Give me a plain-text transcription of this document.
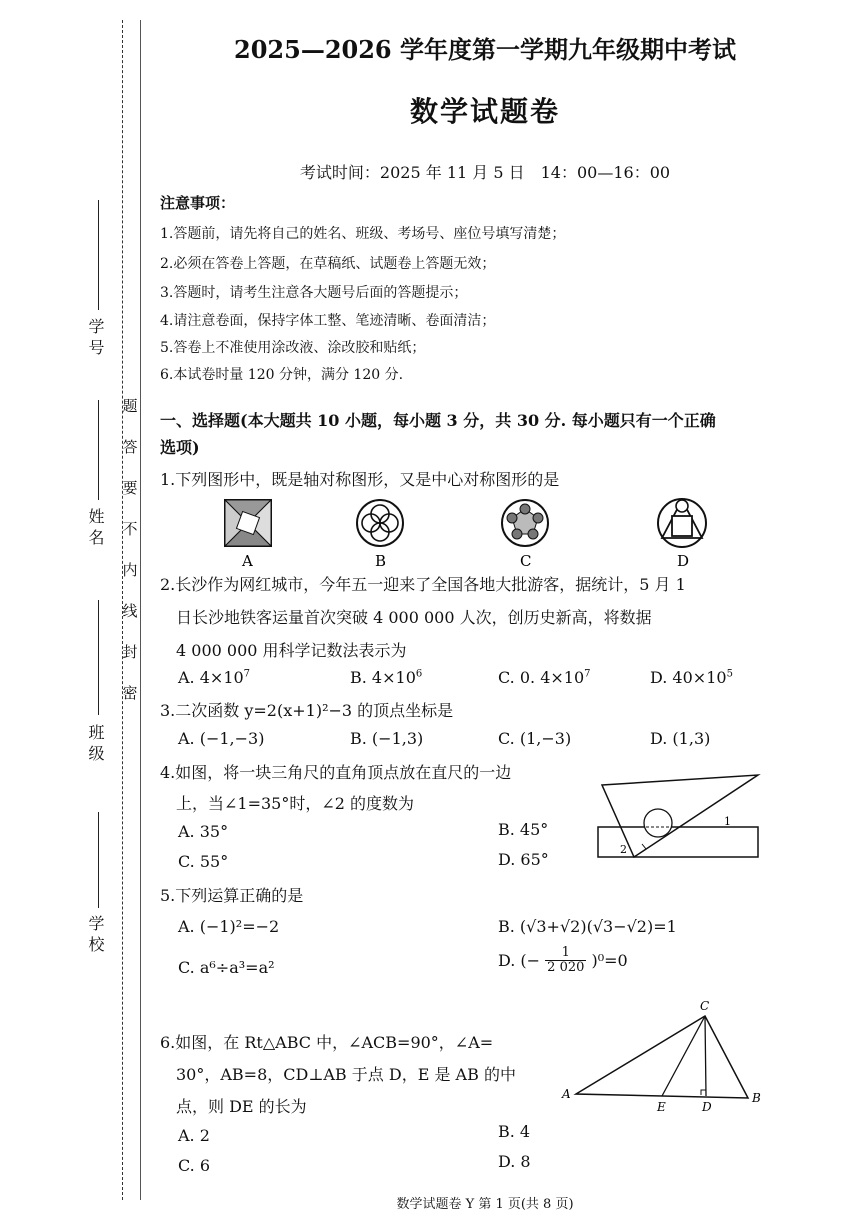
学 号
姓 名
班 级
学 校
题
答
要
不
内
线
封
密
2025—2026 学年度第一学期九年级期中考试
数学试题卷
考试时间：2025 年 11 月 5 日　14：00—16：00
注意事项：
1.答题前，请先将自己的姓名、班级、考场号、座位号填写清楚；
2.必须在答卷上答题，在草稿纸、试题卷上答题无效；
3.答题时，请考生注意各大题号后面的答题提示；
4.请注意卷面，保持字体工整、笔迹清晰、卷面清洁；
5.答卷上不准使用涂改液、涂改胶和贴纸；
6.本试卷时量 120 分钟，满分 120 分.
一、选择题(本大题共 10 小题，每小题 3 分，共 30 分. 每小题只有一个正确
选项)
1.下列图形中，既是轴对称图形，又是中心对称图形的是
A	B	C	D
2.长沙作为网红城市，今年五一迎来了全国各地大批游客，据统计，5 月 1
日长沙地铁客运量首次突破 4 000 000 人次，创历史新高，将数据
4 000 000 用科学记数法表示为
A. $4\times 10^7$	B. $4\times 10^6$	C. 0. $4\times 10^7$	D. $40\times 10^5$
3.二次函数 y=2(x+1)²−3 的顶点坐标是
A. (−1,−3)	B. (−1,3)	C. (1,−3)	D. (1,3)
4.如图，将一块三角尺的直角顶点放在直尺的一边
上，当∠1=35°时，∠2 的度数为
A. 35°	B. 45°
C. 55°	D. 65°
1
2
5.下列运算正确的是
A. (−1)²=−2	B. (√3+√2)(√3−√2)=1
C. a⁶÷a³=a²	D. (− $\frac{1}{2 020} )^0=0$
6.如图，在 Rt△ABC 中，∠ACB=90°，∠A=
30°，AB=8，CD⊥AB 于点 D，E 是 AB 的中
点，则 DE 的长为
A. 2	B. 4
C. 6	D. 8
C
A
E	D
B
数学试题卷 Y 第 1 页(共 8 页)
